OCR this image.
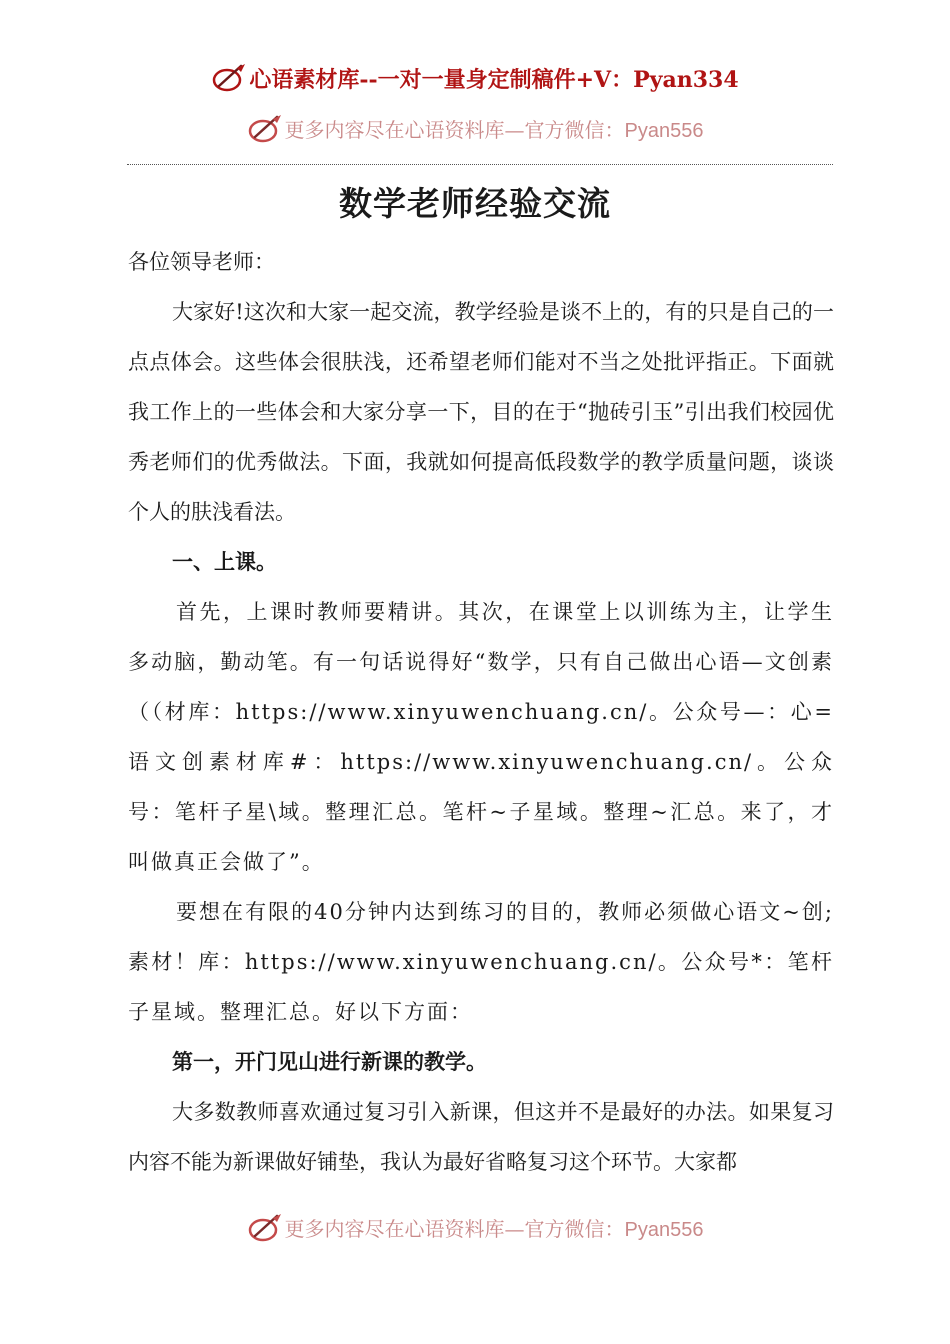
心语素材库--一对一量身定制稿件+V：Pyan334
更多内容尽在心语资料库—官方微信：Pyan556
数学老师经验交流

各位领导老师：

大家好!这次和大家一起交流，教学经验是谈不上的，有的只是自己的一点点体会。这些体会很肤浅，还希望老师们能对不当之处批评指正。下面就我工作上的一些体会和大家分享一下，目的在于“抛砖引玉”引出我们校园优秀老师们的优秀做法。下面，我就如何提高低段数学的教学质量问题，谈谈个人的肤浅看法。

一、上课。

首先，上课时教师要精讲。其次，在课堂上以训练为主，让学生多动脑，勤动笔。有一句话说得好“数学，只有自己做出心语—文创素（（材库：https://www.xinyuwenchuang.cn/。公众号—：心=语文创素材库#：https://www.xinyuwenchuang.cn/。公众号：笔杆子星\域。整理汇总。笔杆~子星域。整理~汇总。来了，才叫做真正会做了”。

要想在有限的40分钟内达到练习的目的，教师必须做心语文~创;素材！库：https://www.xinyuwenchuang.cn/。公众号*：笔杆子星域。整理汇总。好以下方面：

第一，开门见山进行新课的教学。

大多数教师喜欢通过复习引入新课，但这并不是最好的办法。如果复习内容不能为新课做好铺垫，我认为最好省略复习这个环节。大家都

更多内容尽在心语资料库—官方微信：Pyan556
